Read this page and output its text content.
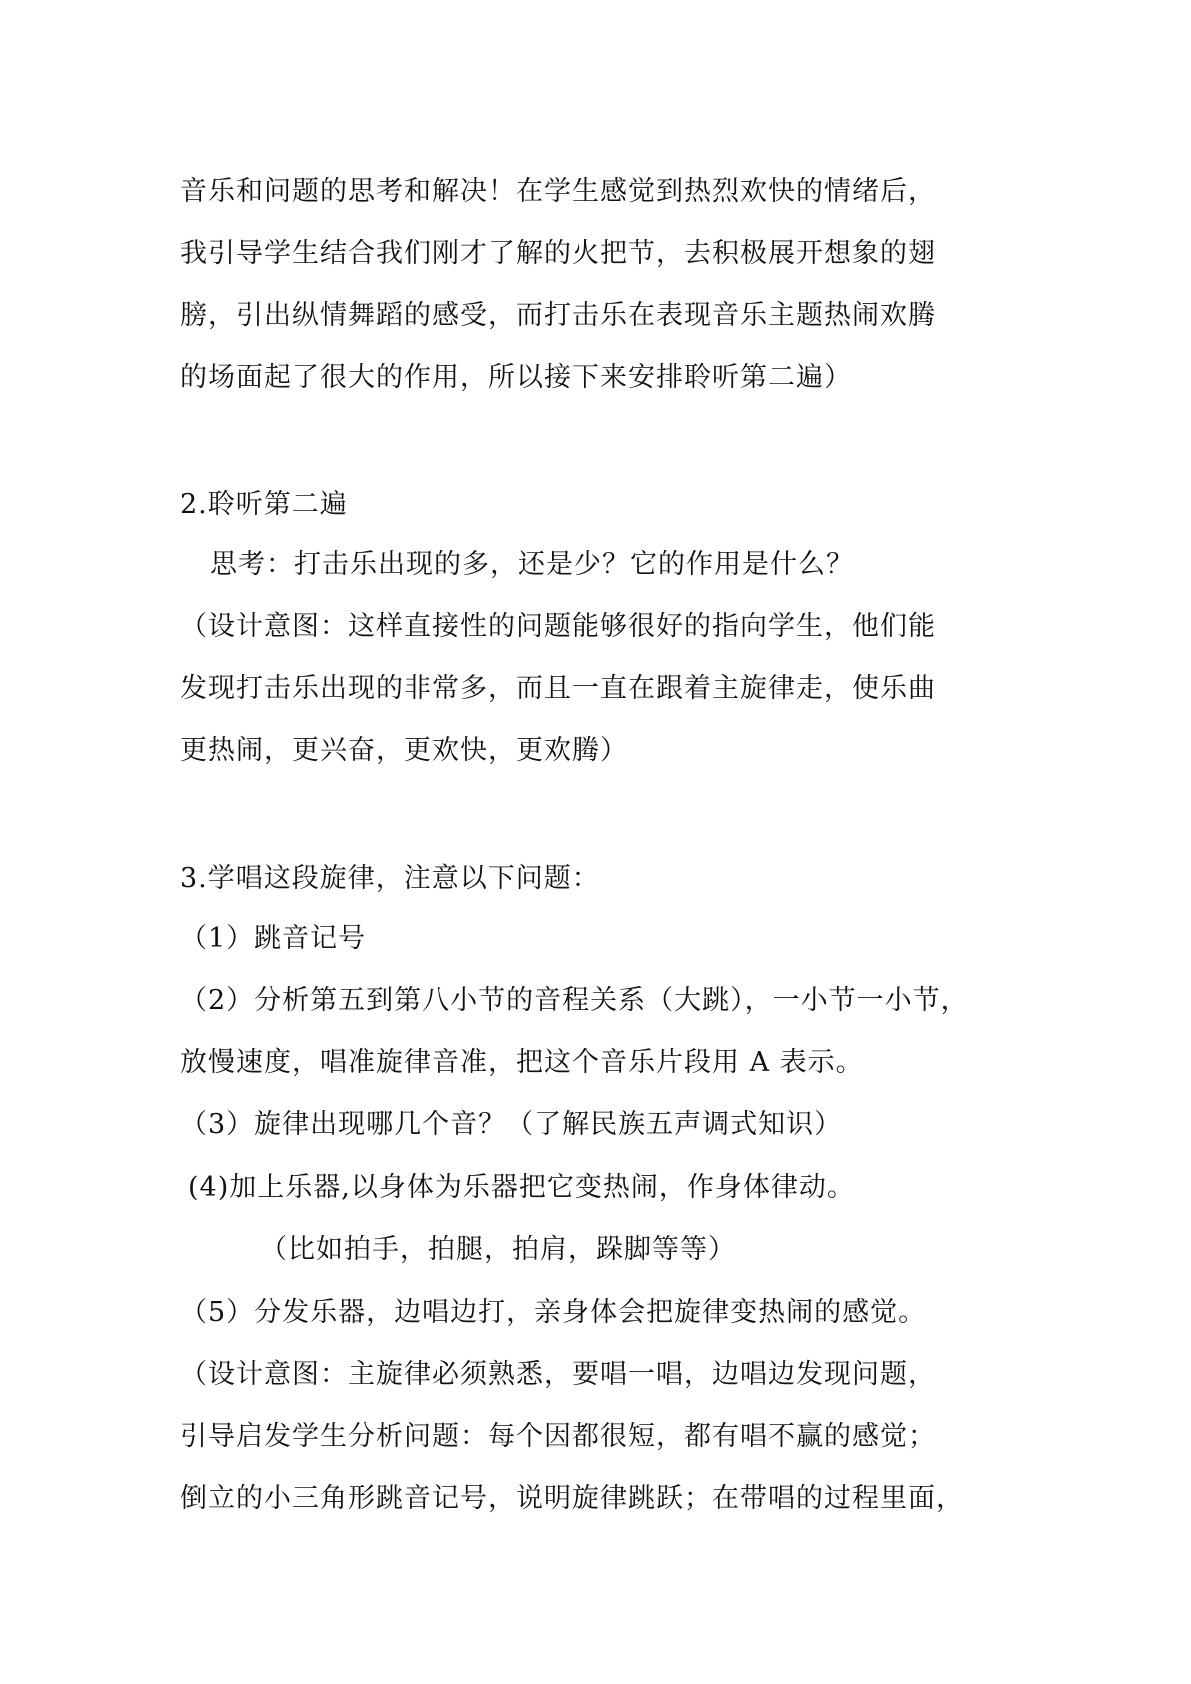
音乐和问题的思考和解决！在学生感觉到热烈欢快的情绪后，
我引导学生结合我们刚才了解的火把节，去积极展开想象的翅
膀，引出纵情舞蹈的感受，而打击乐在表现音乐主题热闹欢腾
的场面起了很大的作用，所以接下来安排聆听第二遍）
2.聆听第二遍
思考：打击乐出现的多，还是少？它的作用是什么？
（设计意图：这样直接性的问题能够很好的指向学生，他们能
发现打击乐出现的非常多，而且一直在跟着主旋律走，使乐曲
更热闹，更兴奋，更欢快，更欢腾）
3.学唱这段旋律，注意以下问题：
（1）跳音记号
（2）分析第五到第八小节的音程关系（大跳），一小节一小节，
放慢速度，唱准旋律音准，把这个音乐片段用 A 表示。
（3）旋律出现哪几个音？（了解民族五声调式知识）
(4)加上乐器,以身体为乐器把它变热闹，作身体律动。
（比如拍手，拍腿，拍肩，跺脚等等）
（5）分发乐器，边唱边打，亲身体会把旋律变热闹的感觉。
（设计意图：主旋律必须熟悉，要唱一唱，边唱边发现问题，
引导启发学生分析问题：每个因都很短，都有唱不赢的感觉；
倒立的小三角形跳音记号，说明旋律跳跃；在带唱的过程里面，
